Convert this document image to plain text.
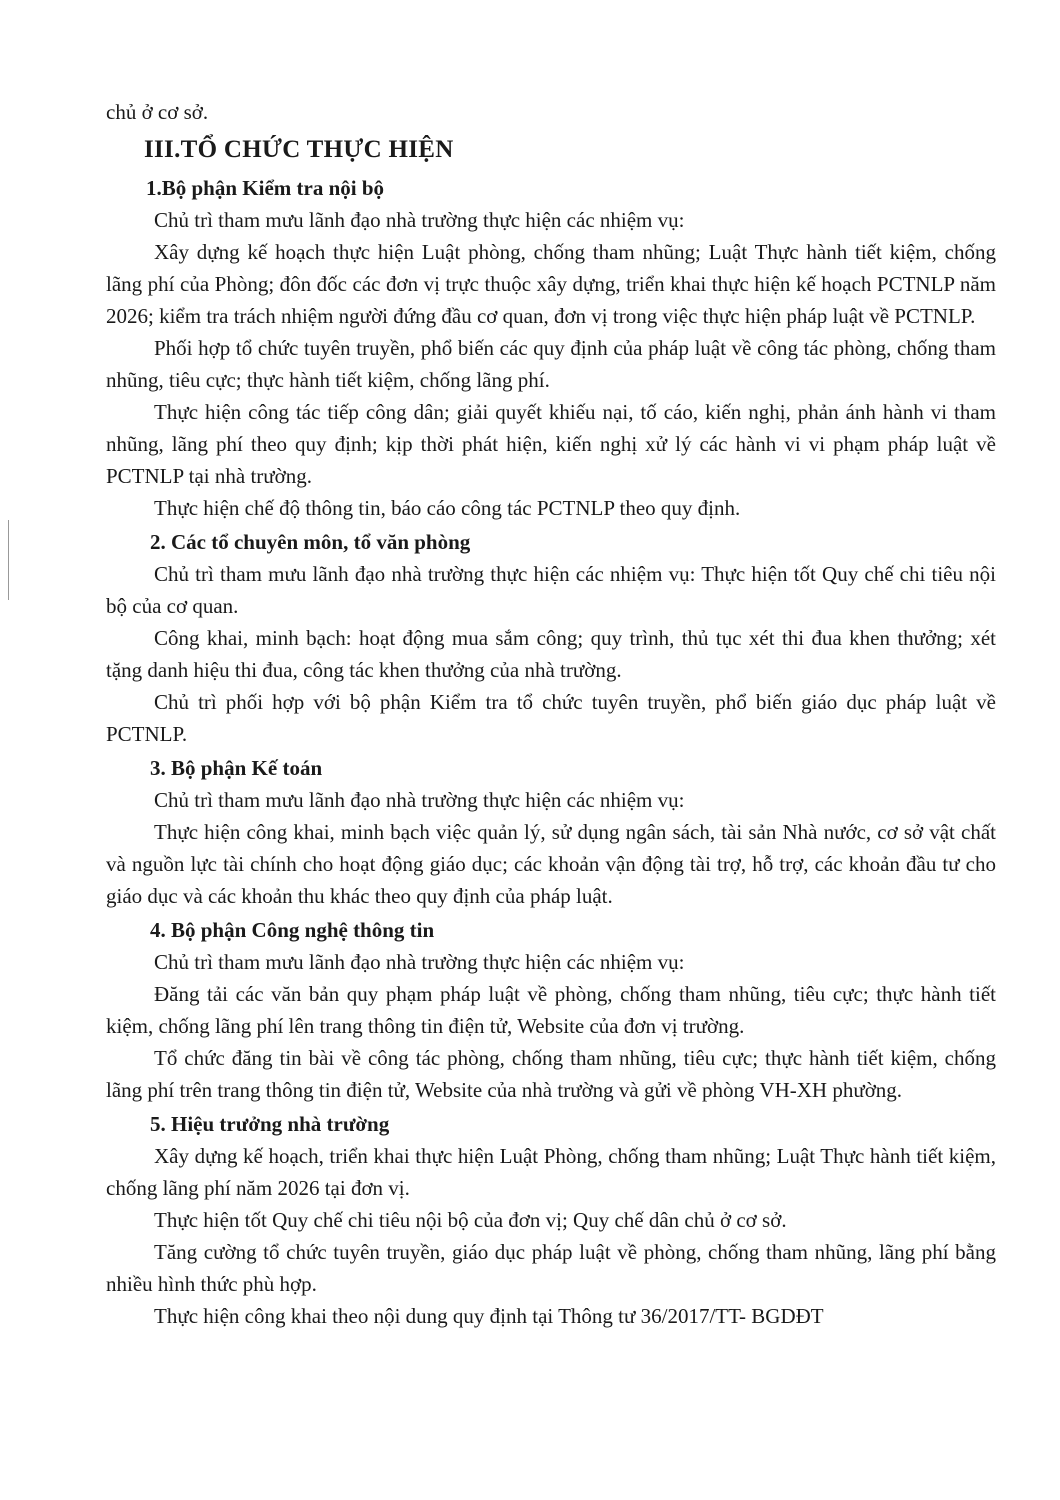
chủ ở cơ sở.

III.TỔ CHỨC THỰC HIỆN
1.Bộ phận Kiểm tra nội bộ

Chủ trì tham mưu lãnh đạo nhà trường thực hiện các nhiệm vụ:

Xây dựng kế hoạch thực hiện Luật phòng, chống tham nhũng; Luật Thực hành tiết kiệm, chống lãng phí của Phòng; đôn đốc các đơn vị trực thuộc xây dựng, triển khai thực hiện kế hoạch PCTNLP năm 2026; kiểm tra trách nhiệm người đứng đầu cơ quan, đơn vị trong việc thực hiện pháp luật về PCTNLP.

Phối hợp tổ chức tuyên truyền, phổ biến các quy định của pháp luật về công tác phòng, chống tham nhũng, tiêu cực; thực hành tiết kiệm, chống lãng phí.

Thực hiện công tác tiếp công dân; giải quyết khiếu nại, tố cáo, kiến nghị, phản ánh hành vi tham nhũng, lãng phí theo quy định; kịp thời phát hiện, kiến nghị xử lý các hành vi vi phạm pháp luật về PCTNLP tại nhà trường.

Thực hiện chế độ thông tin, báo cáo công tác PCTNLP theo quy định.

2. Các tổ chuyên môn, tổ văn phòng

Chủ trì tham mưu lãnh đạo nhà trường thực hiện các nhiệm vụ: Thực hiện tốt Quy chế chi tiêu nội bộ của cơ quan.

Công khai, minh bạch: hoạt động mua sắm công; quy trình, thủ tục xét thi đua khen thưởng; xét tặng danh hiệu thi đua, công tác khen thưởng của nhà trường.

Chủ trì phối hợp với bộ phận Kiểm tra tổ chức tuyên truyền, phổ biến giáo dục pháp luật về PCTNLP.

3. Bộ phận Kế toán

Chủ trì tham mưu lãnh đạo nhà trường thực hiện các nhiệm vụ:

Thực hiện công khai, minh bạch việc quản lý, sử dụng ngân sách, tài sản Nhà nước, cơ sở vật chất và nguồn lực tài chính cho hoạt động giáo dục; các khoản vận động tài trợ, hỗ trợ, các khoản đầu tư cho giáo dục và các khoản thu khác theo quy định của pháp luật.

4. Bộ phận Công nghệ thông tin

Chủ trì tham mưu lãnh đạo nhà trường thực hiện các nhiệm vụ:

Đăng tải các văn bản quy phạm pháp luật về phòng, chống tham nhũng, tiêu cực; thực hành tiết kiệm, chống lãng phí lên trang thông tin điện tử, Website của đơn vị trường.

Tổ chức đăng tin bài về công tác phòng, chống tham nhũng, tiêu cực; thực hành tiết kiệm, chống lãng phí trên trang thông tin điện tử, Website của nhà trường và gửi về phòng VH-XH phường.

5. Hiệu trưởng nhà trường

Xây dựng kế hoạch, triển khai thực hiện Luật Phòng, chống tham nhũng; Luật Thực hành tiết kiệm, chống lãng phí năm 2026 tại đơn vị.

Thực hiện tốt Quy chế chi tiêu nội bộ của đơn vị; Quy chế dân chủ ở cơ sở.

Tăng cường tổ chức tuyên truyền, giáo dục pháp luật về phòng, chống tham nhũng, lãng phí bằng nhiều hình thức phù hợp.

Thực hiện công khai theo nội dung quy định tại Thông tư 36/2017/TT- BGDĐT
